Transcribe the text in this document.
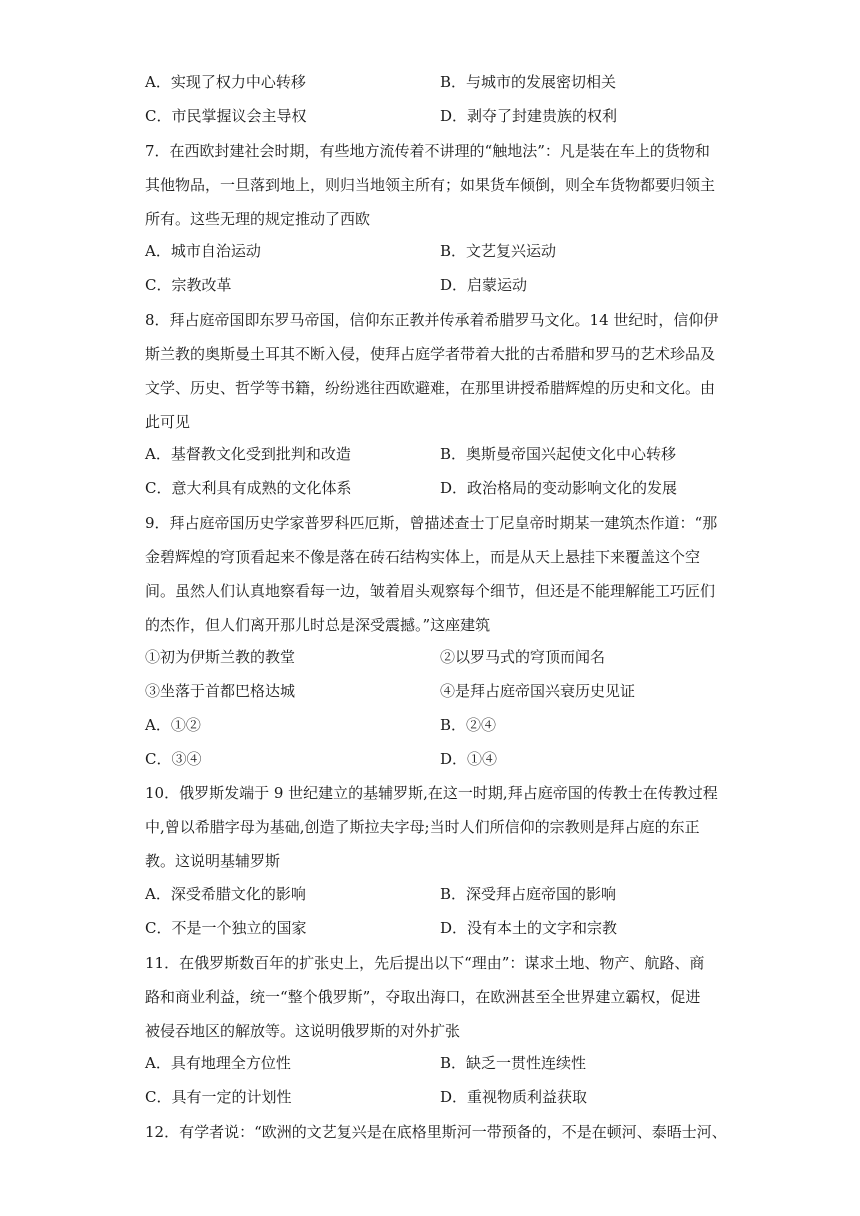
A．实现了权力中心转移	B．与城市的发展密切相关
C．市民掌握议会主导权	D．剥夺了封建贵族的权利
7．在西欧封建社会时期，有些地方流传着不讲理的“触地法”：凡是装在车上的货物和
其他物品，一旦落到地上，则归当地领主所有；如果货车倾倒，则全车货物都要归领主
所有。这些无理的规定推动了西欧
A．城市自治运动	B．文艺复兴运动
C．宗教改革	D．启蒙运动
8．拜占庭帝国即东罗马帝国，信仰东正教并传承着希腊罗马文化。14 世纪时，信仰伊
斯兰教的奥斯曼土耳其不断入侵，使拜占庭学者带着大批的古希腊和罗马的艺术珍品及
文学、历史、哲学等书籍，纷纷逃往西欧避难，在那里讲授希腊辉煌的历史和文化。由
此可见
A．基督教文化受到批判和改造	B．奥斯曼帝国兴起使文化中心转移
C．意大利具有成熟的文化体系	D．政治格局的变动影响文化的发展
9．拜占庭帝国历史学家普罗科匹厄斯，曾描述查士丁尼皇帝时期某一建筑杰作道：“那
金碧辉煌的穹顶看起来不像是落在砖石结构实体上，而是从天上悬挂下来覆盖这个空
间。虽然人们认真地察看每一边，皱着眉头观察每个细节，但还是不能理解能工巧匠们
的杰作，但人们离开那儿时总是深受震撼。”这座建筑
①初为伊斯兰教的教堂	②以罗马式的穹顶而闻名
③坐落于首都巴格达城	④是拜占庭帝国兴衰历史见证
A．①②	B．②④
C．③④	D．①④
10．俄罗斯发端于 9 世纪建立的基辅罗斯,在这一时期,拜占庭帝国的传教士在传教过程
中,曾以希腊字母为基础,创造了斯拉夫字母;当时人们所信仰的宗教则是拜占庭的东正
教。这说明基辅罗斯
A．深受希腊文化的影响	B．深受拜占庭帝国的影响
C．不是一个独立的国家	D．没有本土的文字和宗教
11．在俄罗斯数百年的扩张史上，先后提出以下“理由”：谋求土地、物产、航路、商
路和商业利益，统一“整个俄罗斯”，夺取出海口，在欧洲甚至全世界建立霸权，促进
被侵吞地区的解放等。这说明俄罗斯的对外扩张
A．具有地理全方位性	B．缺乏一贯性连续性
C．具有一定的计划性	D．重视物质利益获取
12．有学者说：“欧洲的文艺复兴是在底格里斯河一带预备的，不是在顿河、泰晤士河、
